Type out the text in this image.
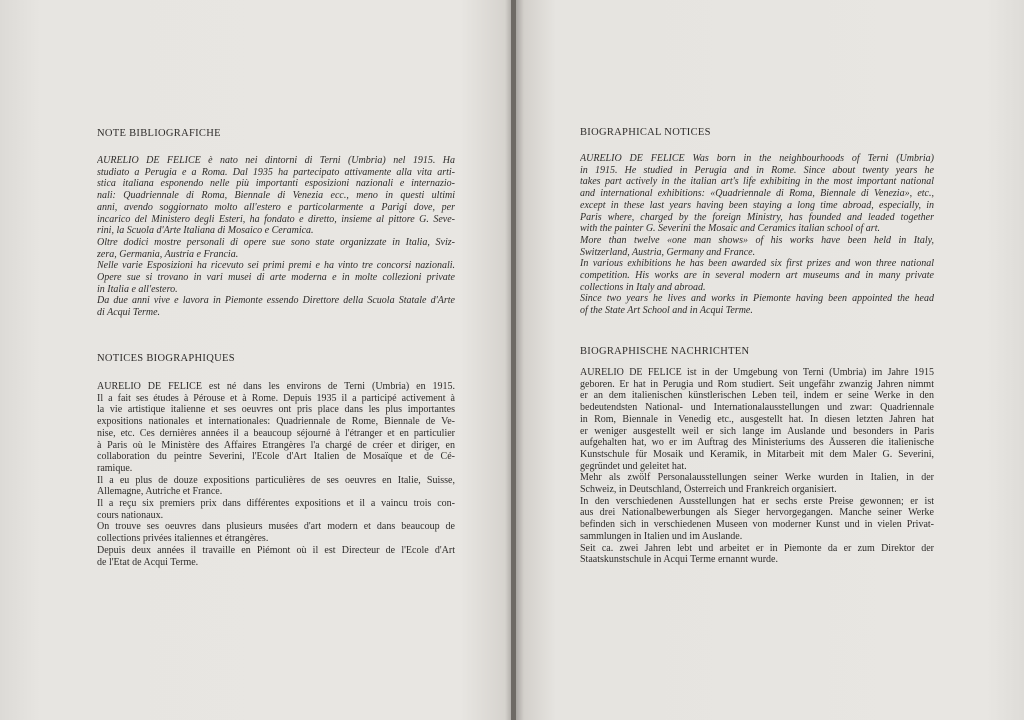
NOTE BIBLIOGRAFICHE
AURELIO DE FELICE è nato nei dintorni di Terni (Umbria) nel 1915. Ha
studiato a Perugia e a Roma. Dal 1935 ha partecipato attivamente alla vita arti-
stica italiana esponendo nelle più importanti esposizioni nazionali e internazio-
nali: Quadriennale di Roma, Biennale di Venezia ecc., meno in questi ultimi
anni, avendo soggiornato molto all'estero e particolarmente a Parigi dove, per
incarico del Ministero degli Esteri, ha fondato e diretto, insieme al pittore G. Seve-
rini, la Scuola d'Arte Italiana di Mosaico e Ceramica.
Oltre dodici mostre personali di opere sue sono state organizzate in Italia, Sviz-
zera, Germania, Austria e Francia.
Nelle varie Esposizioni ha ricevuto sei primi premi e ha vinto tre concorsi nazionali.
Opere sue si trovano in vari musei di arte moderna e in molte collezioni private
in Italia e all'estero.
Da due anni vive e lavora in Piemonte essendo Direttore della Scuola Statale d'Arte
di Acqui Terme.
NOTICES BIOGRAPHIQUES
AURELIO DE FELICE est né dans les environs de Terni (Umbria) en 1915.
Il a fait ses études à Pérouse et à Rome. Depuis 1935 il a participé activement à
la vie artistique italienne et ses oeuvres ont pris place dans les plus importantes
expositions nationales et internationales: Quadriennale de Rome, Biennale de Ve-
nise, etc. Ces dernières années il a beaucoup séjourné à l'étranger et en particulier
à Paris où le Ministère des Affaires Etrangères l'a chargé de créer et diriger, en
collaboration du peintre Severini, l'Ecole d'Art Italien de Mosaïque et de Cé-
ramique.
Il a eu plus de douze expositions particulières de ses oeuvres en Italie, Suisse,
Allemagne, Autriche et France.
Il a reçu six premiers prix dans différentes expositions et il a vaincu trois con-
cours nationaux.
On trouve ses oeuvres dans plusieurs musées d'art modern et dans beaucoup de
collections privées italiennes et étrangères.
Depuis deux années il travaille en Piémont où il est Directeur de l'Ecole d'Art
de l'Etat de Acqui Terme.
BIOGRAPHICAL NOTICES
AURELIO DE FELICE Was born in the neighbourhoods of Terni (Umbria)
in 1915. He studied in Perugia and in Rome. Since about twenty years he
takes part actively in the italian art's life exhibiting in the most important national
and international exhibitions: «Quadriennale di Roma, Biennale di Venezia», etc.,
except in these last years having been staying a long time abroad, especially, in
Paris where, charged by the foreign Ministry, has founded and leaded together
with the painter G. Severini the Mosaic and Ceramics italian school of art.
More than twelve «one man shows» of his works have been held in Italy,
Switzerland, Austria, Germany and France.
In various exhibitions he has been awarded six first prizes and won three national
competition. His works are in several modern art museums and in many private
collections in Italy and abroad.
Since two years he lives and works in Piemonte having been appointed the head
of the State Art School and in Acqui Terme.
BIOGRAPHISCHE NACHRICHTEN
AURELIO DE FELICE ist in der Umgebung von Terni (Umbria) im Jahre 1915
geboren. Er hat in Perugia und Rom studiert. Seit ungefähr zwanzig Jahren nimmt
er an dem italienischen künstlerischen Leben teil, indem er seine Werke in den
bedeutendsten National- und Internationalausstellungen und zwar: Quadriennale
in Rom, Biennale in Venedig etc., ausgestellt hat. In diesen letzten Jahren hat
er weniger ausgestellt weil er sich lange im Auslande und besonders in Paris
aufgehalten hat, wo er im Auftrag des Ministeriums des Äusseren die italienische
Kunstschule für Mosaik und Keramik, in Mitarbeit mit dem Maler G. Severini,
gegründet und geleitet hat.
Mehr als zwölf Personalausstellungen seiner Werke wurden in Italien, in der
Schweiz, in Deutschland, Österreich und Frankreich organisiert.
In den verschiedenen Ausstellungen hat er sechs erste Preise gewonnen; er ist
aus drei Nationalbewerbungen als Sieger hervorgegangen. Manche seiner Werke
befinden sich in verschiedenen Museen von moderner Kunst und in vielen Privat-
sammlungen in Italien und im Auslande.
Seit ca. zwei Jahren lebt und arbeitet er in Piemonte da er zum Direktor der
Staatskunstschule in Acqui Terme ernannt wurde.
